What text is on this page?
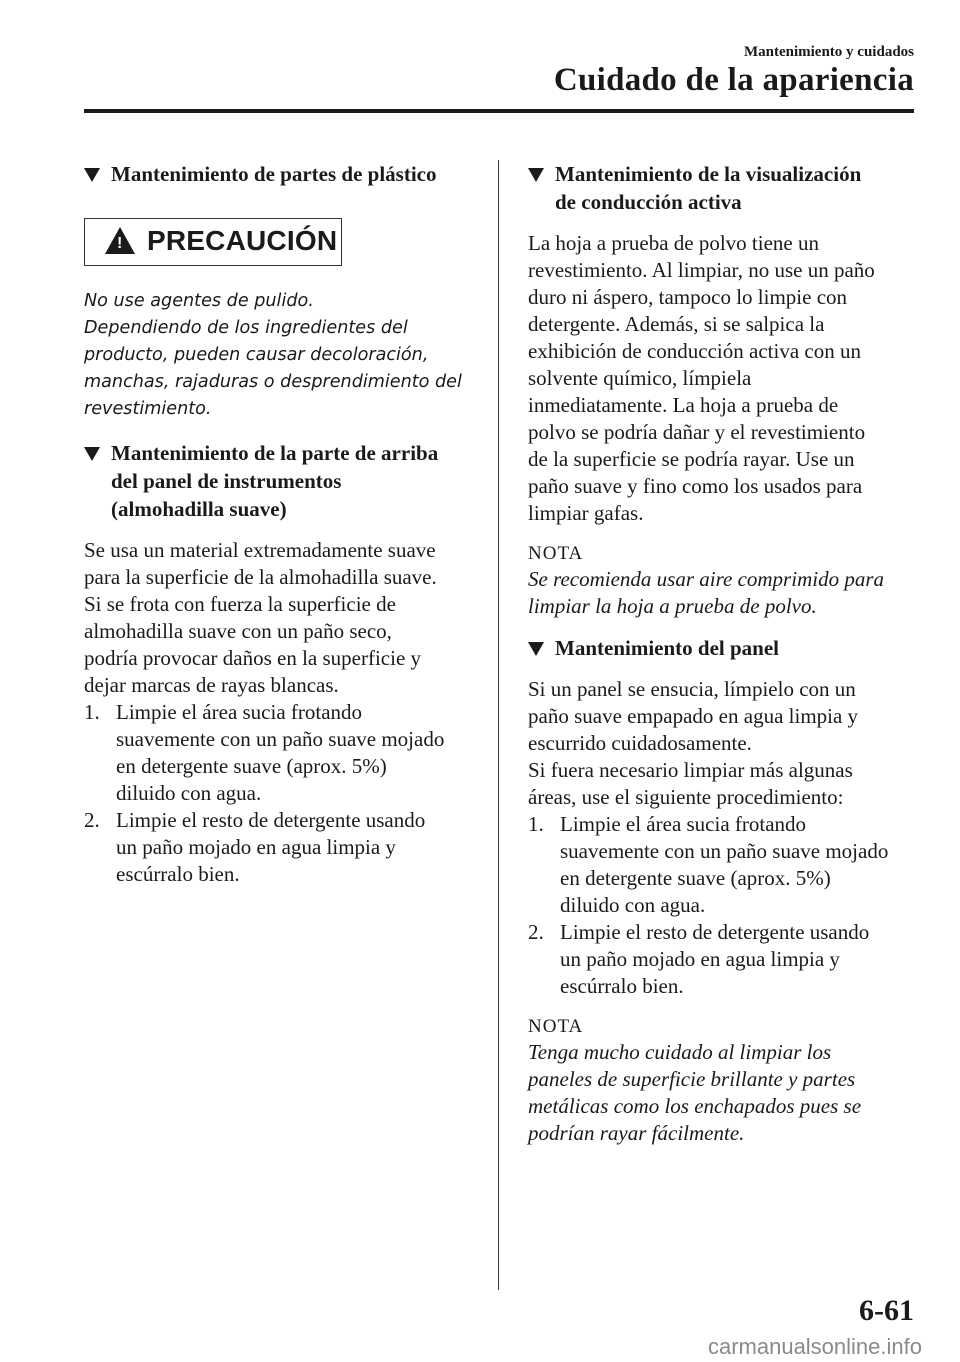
Mantenimiento y cuidados
Cuidado de la apariencia
Mantenimiento de partes de plástico
! PRECAUCIÓN

No use agentes de pulido.

Dependiendo de los ingredientes del

producto, pueden causar decoloración,

manchas, rajaduras o desprendimiento del

revestimiento.

Mantenimiento de la parte de arriba
del panel de instrumentos
(almohadilla suave)

Se usa un material extremadamente suave

para la superficie de la almohadilla suave.

Si se frota con fuerza la superficie de

almohadilla suave con un paño seco,

podría provocar daños en la superficie y

dejar marcas de rayas blancas.

1. Limpie el área sucia frotando
suavemente con un paño suave mojado
en detergente suave (aprox. 5%)
diluido con agua.
2. Limpie el resto de detergente usando
un paño mojado en agua limpia y
escúrralo bien.
Mantenimiento de la visualización
de conducción activa

La hoja a prueba de polvo tiene un

revestimiento. Al limpiar, no use un paño

duro ni áspero, tampoco lo limpie con

detergente. Además, si se salpica la

exhibición de conducción activa con un

solvente químico, límpiela

inmediatamente. La hoja a prueba de

polvo se podría dañar y el revestimiento

de la superficie se podría rayar. Use un

paño suave y fino como los usados para

limpiar gafas.

NOTA

Se recomienda usar aire comprimido para

limpiar la hoja a prueba de polvo.

Mantenimiento del panel

Si un panel se ensucia, límpielo con un

paño suave empapado en agua limpia y

escurrido cuidadosamente.

Si fuera necesario limpiar más algunas

áreas, use el siguiente procedimiento:

1. Limpie el área sucia frotando
suavemente con un paño suave mojado
en detergente suave (aprox. 5%)
diluido con agua.
2. Limpie el resto de detergente usando
un paño mojado en agua limpia y
escúrralo bien.

NOTA

Tenga mucho cuidado al limpiar los

paneles de superficie brillante y partes

metálicas como los enchapados pues se

podrían rayar fácilmente.

6-61
carmanualsonline.info
